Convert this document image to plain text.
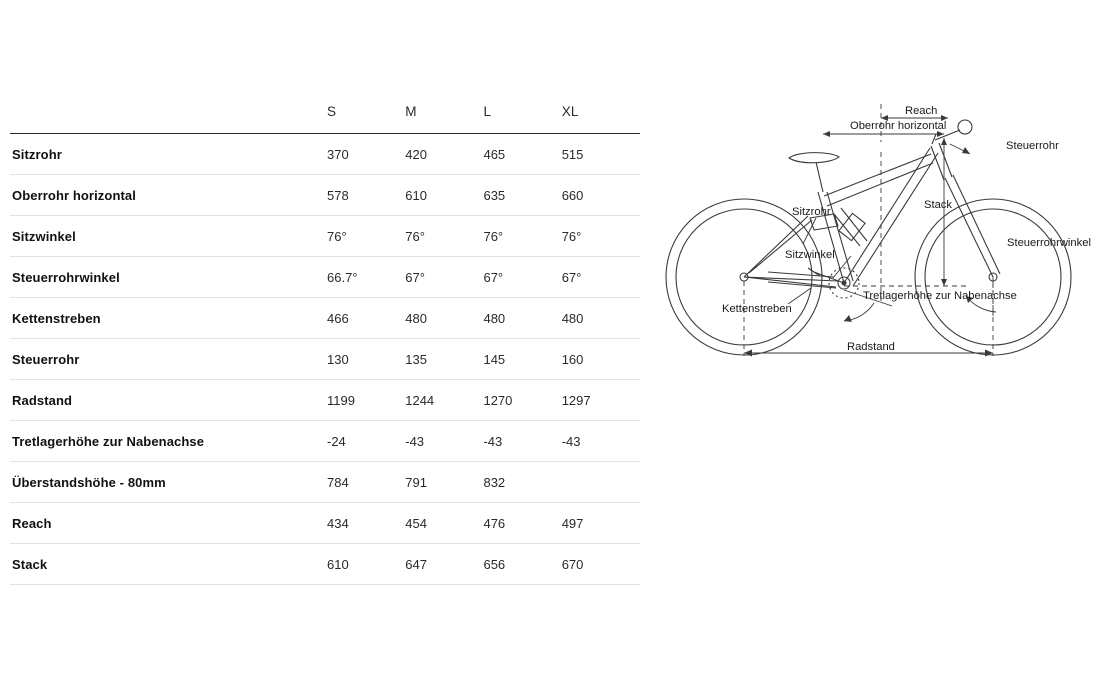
	S	M	L	XL
Sitzrohr	370	420	465	515
Oberrohr horizontal	578	610	635	660
Sitzwinkel	76°	76°	76°	76°
Steuerrohrwinkel	66.7°	67°	67°	67°
Kettenstreben	466	480	480	480
Steuerrohr	130	135	145	160
Radstand	1199	1244	1270	1297
Tretlagerhöhe zur Nabenachse	-24	-43	-43	-43
Überstandshöhe - 80mm	784	791	832	
Reach	434	454	476	497
Stack	610	647	656	670
Reach
Oberrohr horizontal
Steuerrohr
Stack
Sitzrohr
Sitzwinkel
Steuerrohrwinkel
Kettenstreben
Tretlagerhöhe zur Nabenachse
Radstand
